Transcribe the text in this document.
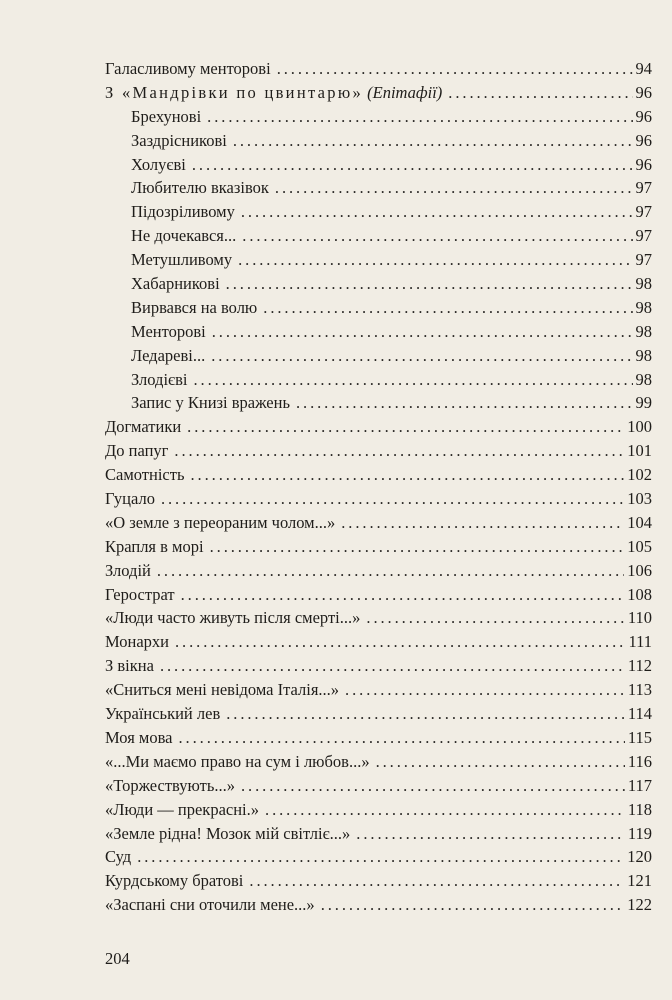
Галасливому менторові . . .	94
З «Мандрівки по цвинтарю» (Епітафії) . . .	96
Брехунові . . .	96
Заздрісникові . . .	96
Холуєві . . .	96
Любителю вказівок . . .	97
Підозріливому . . .	97
Не дочекався... . . .	97
Метушливому . . .	97
Хабарникові . . .	98
Вирвався на волю . . .	98
Менторові . . .	98
Ледареві... . . .	98
Злодієві . . .	98
Запис у Книзі вражень . . .	99
Догматики . . .	100
До папуг . . .	101
Самотність . . .	102
Гуцало . . .	103
«О земле з переораним чолом...» . . .	104
Крапля в морі . . .	105
Злодій . . .	106
Герострат . . .	108
«Люди часто живуть після смерті...» . . .	110
Монархи . . .	111
З вікна . . .	112
«Сниться мені невідома Італія...» . . .	113
Український лев . . .	114
Моя мова . . .	115
«...Ми маємо право на сум і любов...» . . .	116
«Торжествують...» . . .	117
«Люди — прекрасні.» . . .	118
«Земле рідна! Мозок мій світліє...» . . .	119
Суд . . .	120
Курдському братові . . .	121
«Заспані сни оточили мене...» . . .	122
204
